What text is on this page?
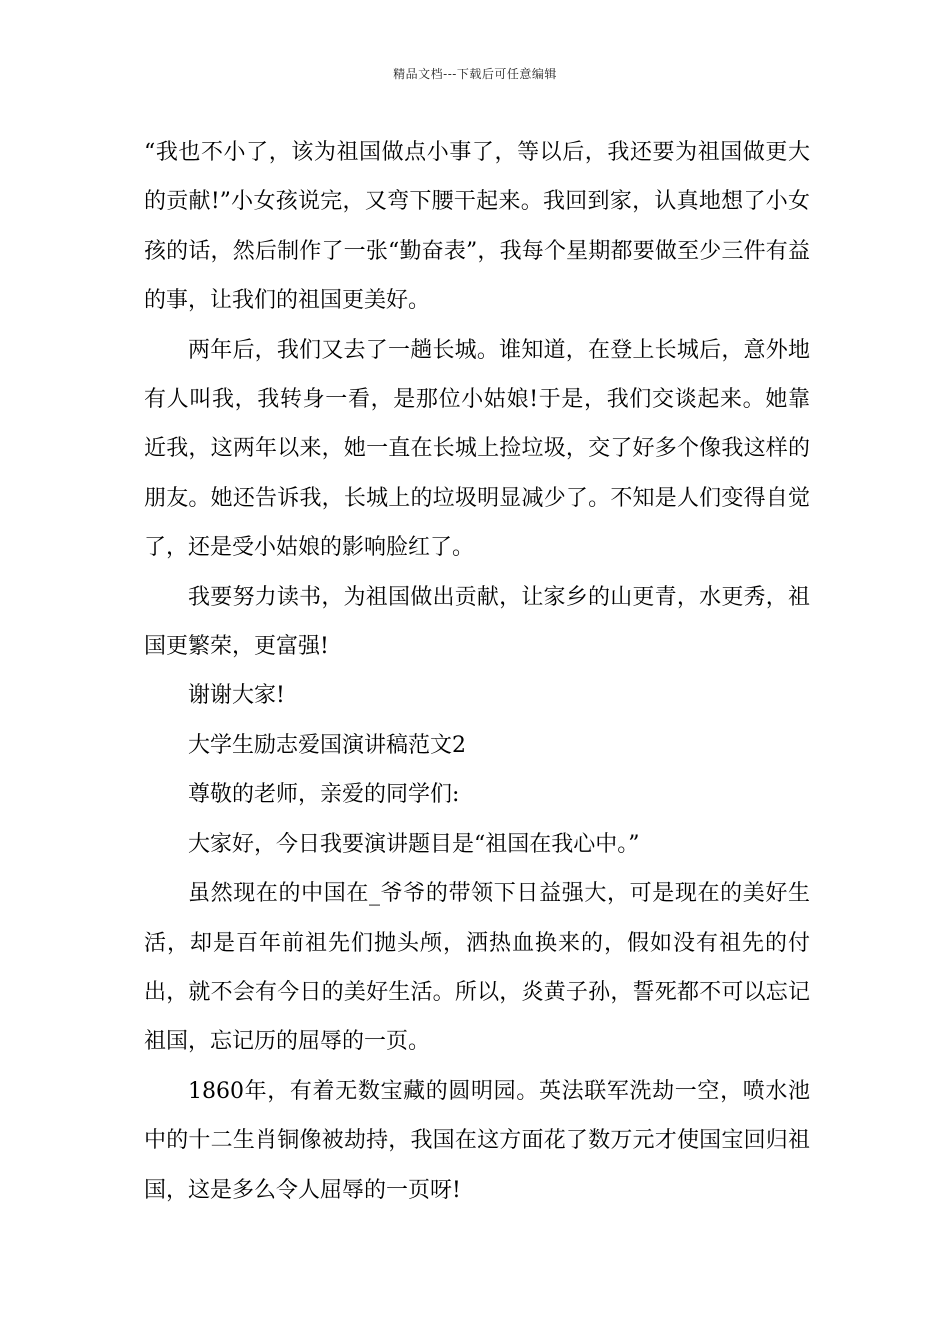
精品文档---下载后可任意编辑

“我也不小了，该为祖国做点小事了，等以后，我还要为祖国做更大的贡献!”小女孩说完，又弯下腰干起来。我回到家，认真地想了小女孩的话，然后制作了一张“勤奋表”，我每个星期都要做至少三件有益的事，让我们的祖国更美好。

两年后，我们又去了一趟长城。谁知道，在登上长城后，意外地有人叫我，我转身一看，是那位小姑娘!于是，我们交谈起来。她靠近我，这两年以来，她一直在长城上捡垃圾，交了好多个像我这样的朋友。她还告诉我，长城上的垃圾明显减少了。不知是人们变得自觉了，还是受小姑娘的影响脸红了。

我要努力读书，为祖国做出贡献，让家乡的山更青，水更秀，祖国更繁荣，更富强!

谢谢大家!

大学生励志爱国演讲稿范文2

尊敬的老师，亲爱的同学们:

大家好，今日我要演讲题目是“祖国在我心中。”

虽然现在的中国在_爷爷的带领下日益强大，可是现在的美好生活，却是百年前祖先们抛头颅，洒热血换来的，假如没有祖先的付出，就不会有今日的美好生活。所以，炎黄子孙，誓死都不可以忘记祖国，忘记历的屈辱的一页。

1860年，有着无数宝藏的圆明园。英法联军洗劫一空，喷水池中的十二生肖铜像被劫持，我国在这方面花了数万元才使国宝回归祖国，这是多么令人屈辱的一页呀!
